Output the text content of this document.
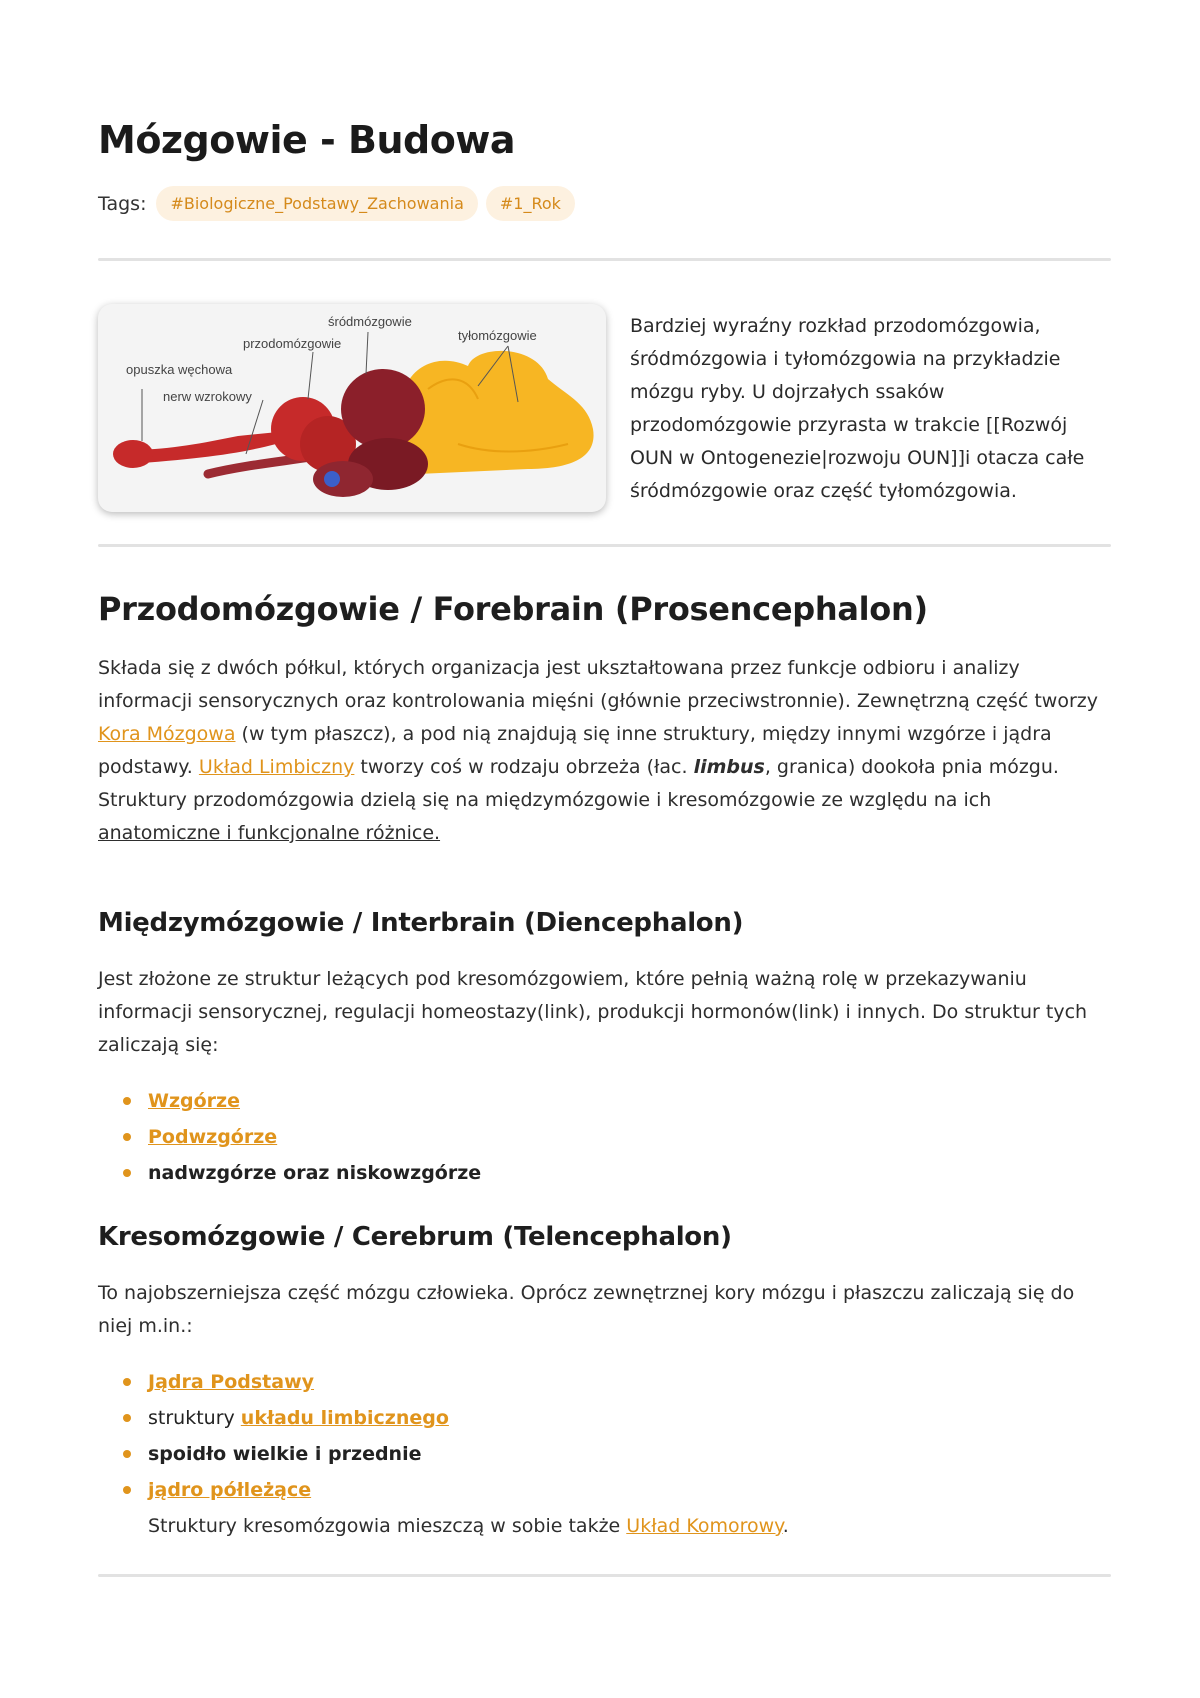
Mózgowie - Budowa
Tags:	#Biologiczne_Podstawy_Zachowania	#1_Rok
śródmózgowie
przodomózgowie
tyłomózgowie
opuszka węchowa
nerw wzrokowy
Bardziej wyraźny rozkład przodomózgowia, śródmózgowia i tyłomózgowia na przykładzie mózgu ryby. U dojrzałych ssaków przodomózgowie przyrasta w trakcie [[Rozwój OUN w Ontogenezie|rozwoju OUN]]i otacza całe śródmózgowie oraz część tyłomózgowia.
Przodomózgowie / Forebrain (Prosencephalon)
Składa się z dwóch półkul, których organizacja jest ukształtowana przez funkcje odbioru i analizy informacji sensorycznych oraz kontrolowania mięśni (głównie przeciwstronnie). Zewnętrzną część tworzy Kora Mózgowa (w tym płaszcz), a pod nią znajdują się inne struktury, między innymi wzgórze i jądra podstawy. Układ Limbiczny tworzy coś w rodzaju obrzeża (łac. limbus, granica) dookoła pnia mózgu.
Struktury przodomózgowia dzielą się na międzymózgowie i kresomózgowie ze względu na ich anatomiczne i funkcjonalne różnice.
Międzymózgowie / Interbrain (Diencephalon)
Jest złożone ze struktur leżących pod kresomózgowiem, które pełnią ważną rolę w przekazywaniu informacji sensorycznej, regulacji homeostazy(link), produkcji hormonów(link) i innych. Do struktur tych zaliczają się:
Wzgórze
Podwzgórze
nadwzgórze oraz niskowzgórze
Kresomózgowie / Cerebrum (Telencephalon)
To najobszerniejsza część mózgu człowieka. Oprócz zewnętrznej kory mózgu i płaszczu zaliczają się do niej m.in.:
Jądra Podstawy
struktury układu limbicznego
spoidło wielkie i przednie
jądro półleżące
Struktury kresomózgowia mieszczą w sobie także Układ Komorowy.
